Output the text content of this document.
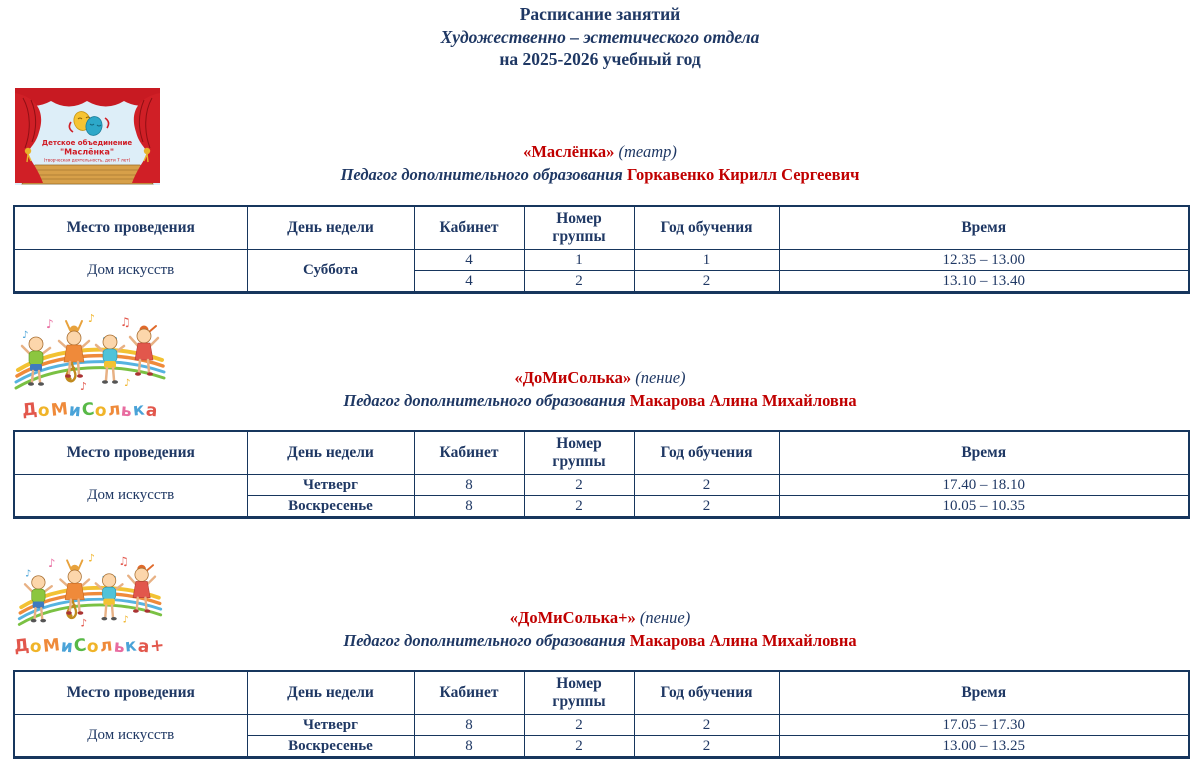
Расписание занятий
Художественно – эстетического отдела
на 2025-2026 учебный год
Детское объединение
"Маслёнка"
(творческая деятельность, дети 7 лет)	«Маслёнка» (театр)
Педагог дополнительного образования Горкавенко Кирилл Сергеевич
Место проведения	День недели	Кабинет	Номер группы	Год обучения	Время
Дом искусств	Суббота	4	1	1	12.35 – 13.00
		4	2	2	13.10 – 13.40
♪
♪
♪ ♫
♪	♪
ДоМиСолька
«ДоМиСолька» (пение)
Педагог дополнительного образования Макарова Алина Михайловна
Место проведения	День недели	Кабинет	Номер группы	Год обучения	Время
Дом искусств	Четверг	8	2	2	17.40 – 18.10
	Воскресенье	8	2	2	10.05 – 10.35
♪
♪
♪ ♫
♪	♪
ДоМиСолька+
«ДоМиСолька+» (пение)
Педагог дополнительного образования Макарова Алина Михайловна
Место проведения	День недели	Кабинет	Номер группы	Год обучения	Время
Дом искусств	Четверг	8	2	2	17.05 – 17.30
	Воскресенье	8	2	2	13.00 – 13.25
